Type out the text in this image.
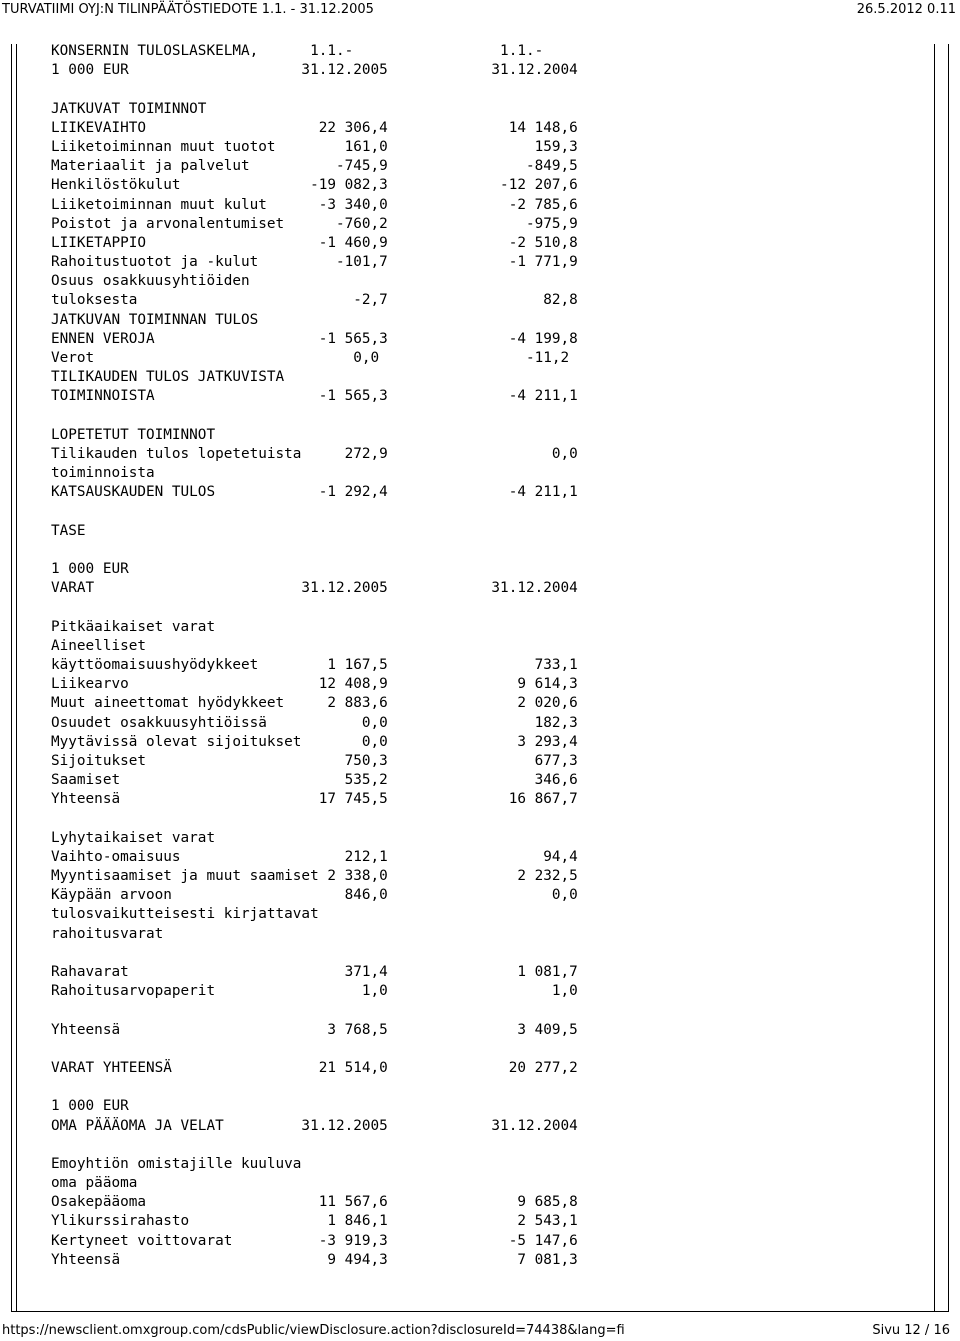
TURVATIIMI OYJ:N TILINPÄÄTÖSTIEDOTE 1.1. - 31.12.2005	26.5.2012 0.11
KONSERNIN TULOSLASKELMA,      1.1.-                 1.1.-
1 000 EUR                    31.12.2005            31.12.2004
JATKUVAT TOIMINNOT
LIIKEVAIHTO                    22 306,4              14 148,6
Liiketoiminnan muut tuotot        161,0                 159,3
Materiaalit ja palvelut          -745,9                -849,5
Henkilöstökulut               -19 082,3             -12 207,6
Liiketoiminnan muut kulut      -3 340,0              -2 785,6
Poistot ja arvonalentumiset      -760,2                -975,9
LIIKETAPPIO                    -1 460,9              -2 510,8
Rahoitustuotot ja -kulut         -101,7              -1 771,9
Osuus osakkuusyhtiöiden
tuloksesta                         -2,7                  82,8
JATKUVAN TOIMINNAN TULOS
ENNEN VEROJA                   -1 565,3              -4 199,8
Verot                              0,0                 -11,2
TILIKAUDEN TULOS JATKUVISTA
TOIMINNOISTA                   -1 565,3              -4 211,1
LOPETETUT TOIMINNOT
Tilikauden tulos lopetetuista     272,9                   0,0
toiminnoista
KATSAUSKAUDEN TULOS            -1 292,4              -4 211,1
TASE
1 000 EUR
VARAT                        31.12.2005            31.12.2004
Pitkäaikaiset varat
Aineelliset
käyttöomaisuushyödykkeet        1 167,5                 733,1
Liikearvo                      12 408,9               9 614,3
Muut aineettomat hyödykkeet     2 883,6               2 020,6
Osuudet osakkuusyhtiöissä           0,0                 182,3
Myytävissä olevat sijoitukset       0,0               3 293,4
Sijoitukset                       750,3                 677,3
Saamiset                          535,2                 346,6
Yhteensä                       17 745,5              16 867,7
Lyhytaikaiset varat
Vaihto-omaisuus                   212,1                  94,4
Myyntisaamiset ja muut saamiset 2 338,0               2 232,5
Käypään arvoon                    846,0                   0,0
tulosvaikutteisesti kirjattavat
rahoitusvarat
Rahavarat                         371,4               1 081,7
Rahoitusarvopaperit                 1,0                   1,0
Yhteensä                        3 768,5               3 409,5
VARAT YHTEENSÄ                 21 514,0              20 277,2
1 000 EUR
OMA PÄÄÄOMA JA VELAT         31.12.2005            31.12.2004
Emoyhtiön omistajille kuuluva
oma pääoma
Osakepääoma                    11 567,6               9 685,8
Ylikurssirahasto                1 846,1               2 543,1
Kertyneet voittovarat          -3 919,3              -5 147,6
Yhteensä                        9 494,3               7 081,3
https://newsclient.omxgroup.com/cdsPublic/viewDisclosure.action?disclosureId=74438&lang=fi	Sivu 12 / 16
